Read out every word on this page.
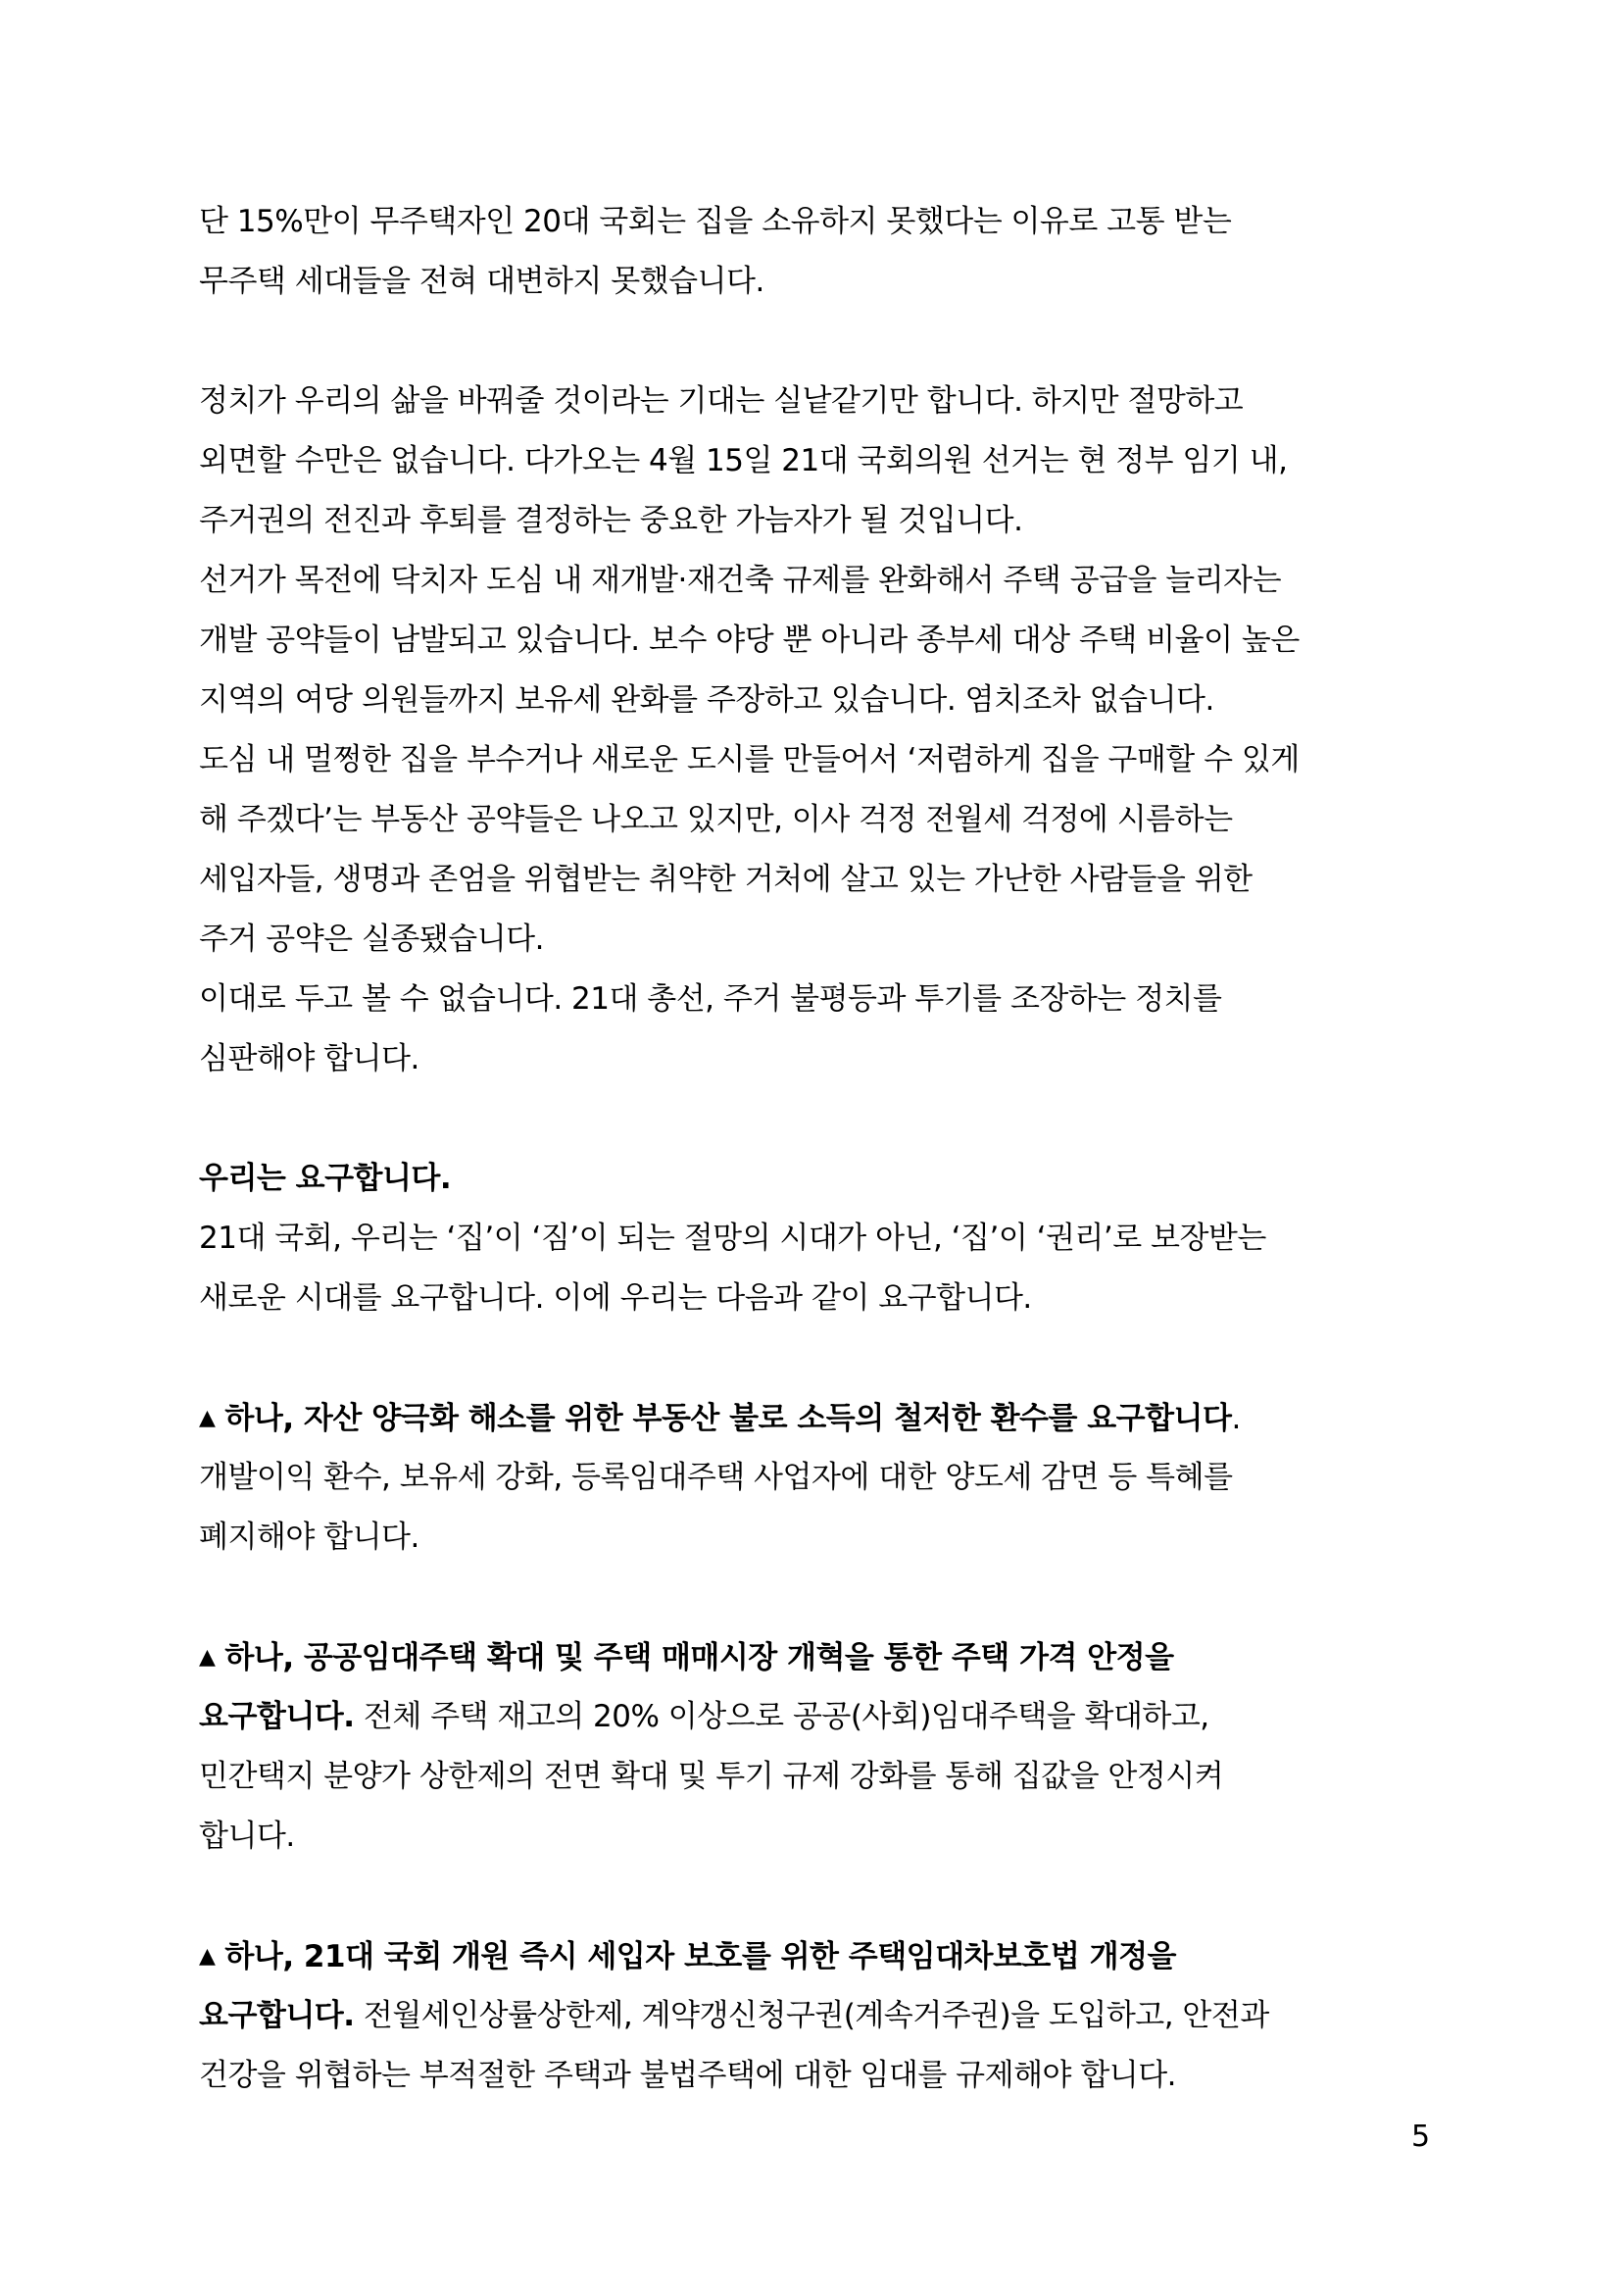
단 15%만이 무주택자인 20대 국회는 집을 소유하지 못했다는 이유로 고통 받는
무주택 세대들을 전혀 대변하지 못했습니다.
정치가 우리의 삶을 바꿔줄 것이라는 기대는 실낱같기만 합니다. 하지만 절망하고
외면할 수만은 없습니다. 다가오는 4월 15일 21대 국회의원 선거는 현 정부 임기 내,
주거권의 전진과 후퇴를 결정하는 중요한 가늠자가 될 것입니다.
선거가 목전에 닥치자 도심 내 재개발·재건축 규제를 완화해서 주택 공급을 늘리자는
개발 공약들이 남발되고 있습니다. 보수 야당 뿐 아니라 종부세 대상 주택 비율이 높은
지역의 여당 의원들까지 보유세 완화를 주장하고 있습니다. 염치조차 없습니다.
도심 내 멀쩡한 집을 부수거나 새로운 도시를 만들어서 ‘저렴하게 집을 구매할 수 있게
해 주겠다’는 부동산 공약들은 나오고 있지만, 이사 걱정 전월세 걱정에 시름하는
세입자들, 생명과 존엄을 위협받는 취약한 거처에 살고 있는 가난한 사람들을 위한
주거 공약은 실종됐습니다.
이대로 두고 볼 수 없습니다. 21대 총선, 주거 불평등과 투기를 조장하는 정치를
심판해야 합니다.
우리는 요구합니다.
21대 국회, 우리는 ‘집’이 ‘짐’이 되는 절망의 시대가 아닌, ‘집’이 ‘권리’로 보장받는
새로운 시대를 요구합니다. 이에 우리는 다음과 같이 요구합니다.
▲ 하나, 자산 양극화 해소를 위한 부동산 불로 소득의 철저한 환수를 요구합니다.
개발이익 환수, 보유세 강화, 등록임대주택 사업자에 대한 양도세 감면 등 특혜를
폐지해야 합니다.
▲ 하나, 공공임대주택 확대 및 주택 매매시장 개혁을 통한 주택 가격 안정을
요구합니다. 전체 주택 재고의 20% 이상으로 공공(사회)임대주택을 확대하고,
민간택지 분양가 상한제의 전면 확대 및 투기 규제 강화를 통해 집값을 안정시켜
합니다.
▲ 하나, 21대 국회 개원 즉시 세입자 보호를 위한 주택임대차보호법 개정을
요구합니다. 전월세인상률상한제, 계약갱신청구권(계속거주권)을 도입하고, 안전과
건강을 위협하는 부적절한 주택과 불법주택에 대한 임대를 규제해야 합니다.
5
